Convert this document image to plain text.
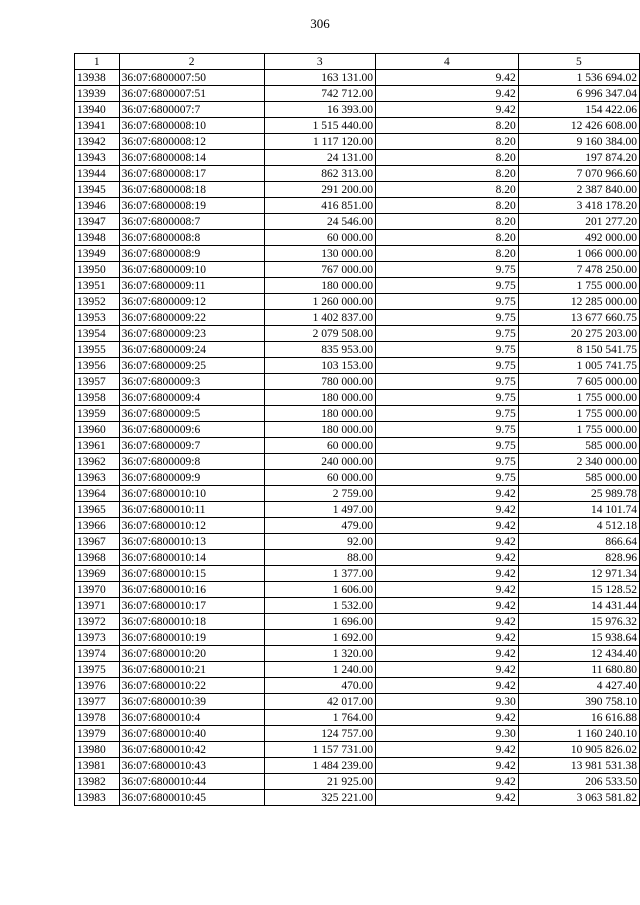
306
1	2	3	4	5
13938	36:07:6800007:50	163 131.00	9.42	1 536 694.02
13939	36:07:6800007:51	742 712.00	9.42	6 996 347.04
13940	36:07:6800007:7	16 393.00	9.42	154 422.06
13941	36:07:6800008:10	1 515 440.00	8.20	12 426 608.00
13942	36:07:6800008:12	1 117 120.00	8.20	9 160 384.00
13943	36:07:6800008:14	24 131.00	8.20	197 874.20
13944	36:07:6800008:17	862 313.00	8.20	7 070 966.60
13945	36:07:6800008:18	291 200.00	8.20	2 387 840.00
13946	36:07:6800008:19	416 851.00	8.20	3 418 178.20
13947	36:07:6800008:7	24 546.00	8.20	201 277.20
13948	36:07:6800008:8	60 000.00	8.20	492 000.00
13949	36:07:6800008:9	130 000.00	8.20	1 066 000.00
13950	36:07:6800009:10	767 000.00	9.75	7 478 250.00
13951	36:07:6800009:11	180 000.00	9.75	1 755 000.00
13952	36:07:6800009:12	1 260 000.00	9.75	12 285 000.00
13953	36:07:6800009:22	1 402 837.00	9.75	13 677 660.75
13954	36:07:6800009:23	2 079 508.00	9.75	20 275 203.00
13955	36:07:6800009:24	835 953.00	9.75	8 150 541.75
13956	36:07:6800009:25	103 153.00	9.75	1 005 741.75
13957	36:07:6800009:3	780 000.00	9.75	7 605 000.00
13958	36:07:6800009:4	180 000.00	9.75	1 755 000.00
13959	36:07:6800009:5	180 000.00	9.75	1 755 000.00
13960	36:07:6800009:6	180 000.00	9.75	1 755 000.00
13961	36:07:6800009:7	60 000.00	9.75	585 000.00
13962	36:07:6800009:8	240 000.00	9.75	2 340 000.00
13963	36:07:6800009:9	60 000.00	9.75	585 000.00
13964	36:07:6800010:10	2 759.00	9.42	25 989.78
13965	36:07:6800010:11	1 497.00	9.42	14 101.74
13966	36:07:6800010:12	479.00	9.42	4 512.18
13967	36:07:6800010:13	92.00	9.42	866.64
13968	36:07:6800010:14	88.00	9.42	828.96
13969	36:07:6800010:15	1 377.00	9.42	12 971.34
13970	36:07:6800010:16	1 606.00	9.42	15 128.52
13971	36:07:6800010:17	1 532.00	9.42	14 431.44
13972	36:07:6800010:18	1 696.00	9.42	15 976.32
13973	36:07:6800010:19	1 692.00	9.42	15 938.64
13974	36:07:6800010:20	1 320.00	9.42	12 434.40
13975	36:07:6800010:21	1 240.00	9.42	11 680.80
13976	36:07:6800010:22	470.00	9.42	4 427.40
13977	36:07:6800010:39	42 017.00	9.30	390 758.10
13978	36:07:6800010:4	1 764.00	9.42	16 616.88
13979	36:07:6800010:40	124 757.00	9.30	1 160 240.10
13980	36:07:6800010:42	1 157 731.00	9.42	10 905 826.02
13981	36:07:6800010:43	1 484 239.00	9.42	13 981 531.38
13982	36:07:6800010:44	21 925.00	9.42	206 533.50
13983	36:07:6800010:45	325 221.00	9.42	3 063 581.82
